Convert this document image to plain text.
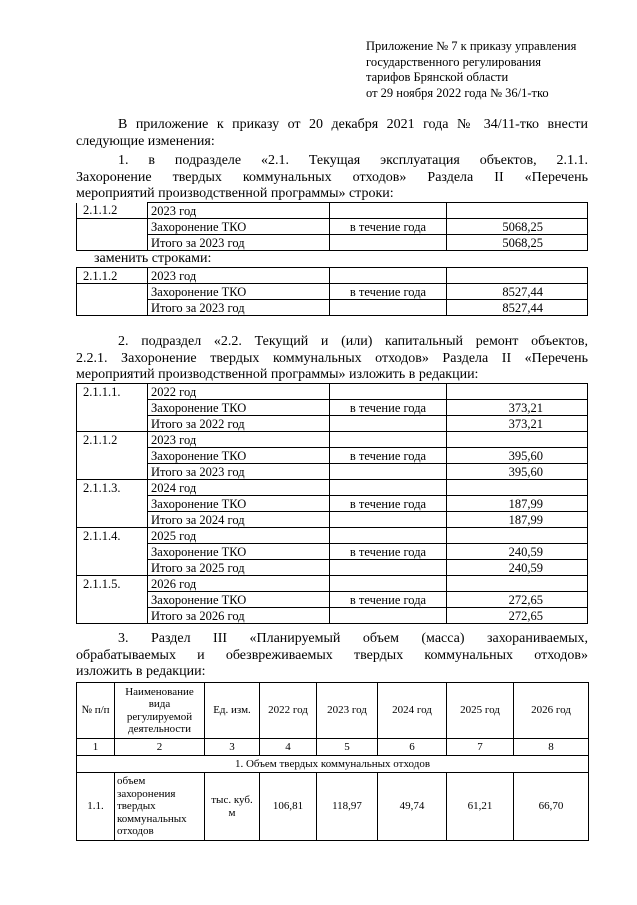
Приложение № 7 к приказу управления
государственного регулирования
тарифов Брянской области
от 29 ноября 2022 года № 36/1-тко
В приложение к приказу от 20 декабря 2021 года № 34/11-тко внести
следующие изменения:
1. в подразделе «2.1. Текущая эксплуатация объектов, 2.1.1.
Захоронение твердых коммунальных отходов» Раздела II «Перечень
мероприятий производственной программы» строки:
2.1.1.2	2023 год		
	Захоронение ТКО	в течение года	5068,25
	Итого за 2023 год		5068,25
заменить строками:
2.1.1.2	2023 год		
	Захоронение ТКО	в течение года	8527,44
	Итого за 2023 год		8527,44
2. подраздел «2.2. Текущий и (или) капитальный ремонт объектов,
2.2.1. Захоронение твердых коммунальных отходов» Раздела II «Перечень
мероприятий производственной программы» изложить в редакции:
2.1.1.1.	2022 год		
	Захоронение ТКО	в течение года	373,21
	Итого за 2022 год		373,21
2.1.1.2	2023 год		
	Захоронение ТКО	в течение года	395,60
	Итого за 2023 год		395,60
2.1.1.3.	2024 год		
	Захоронение ТКО	в течение года	187,99
	Итого за 2024 год		187,99
2.1.1.4.	2025 год		
	Захоронение ТКО	в течение года	240,59
	Итого за 2025 год		240,59
2.1.1.5.	2026 год		
	Захоронение ТКО	в течение года	272,65
	Итого за 2026 год		272,65
3. Раздел III «Планируемый объем (масса) захораниваемых,
обрабатываемых и обезвреживаемых твердых коммунальных отходов»
изложить в редакции:
№ п/п	Наименование вида регулируемой деятельности	Ед. изм.	2022 год	2023 год	2024 год	2025 год	2026 год
1	2	3	4	5	6	7	8
1. Объем твердых коммунальных отходов							
1.1.	объем захоронения твердых коммунальных отходов	тыс. куб. м	106,81	118,97	49,74	61,21	66,70
